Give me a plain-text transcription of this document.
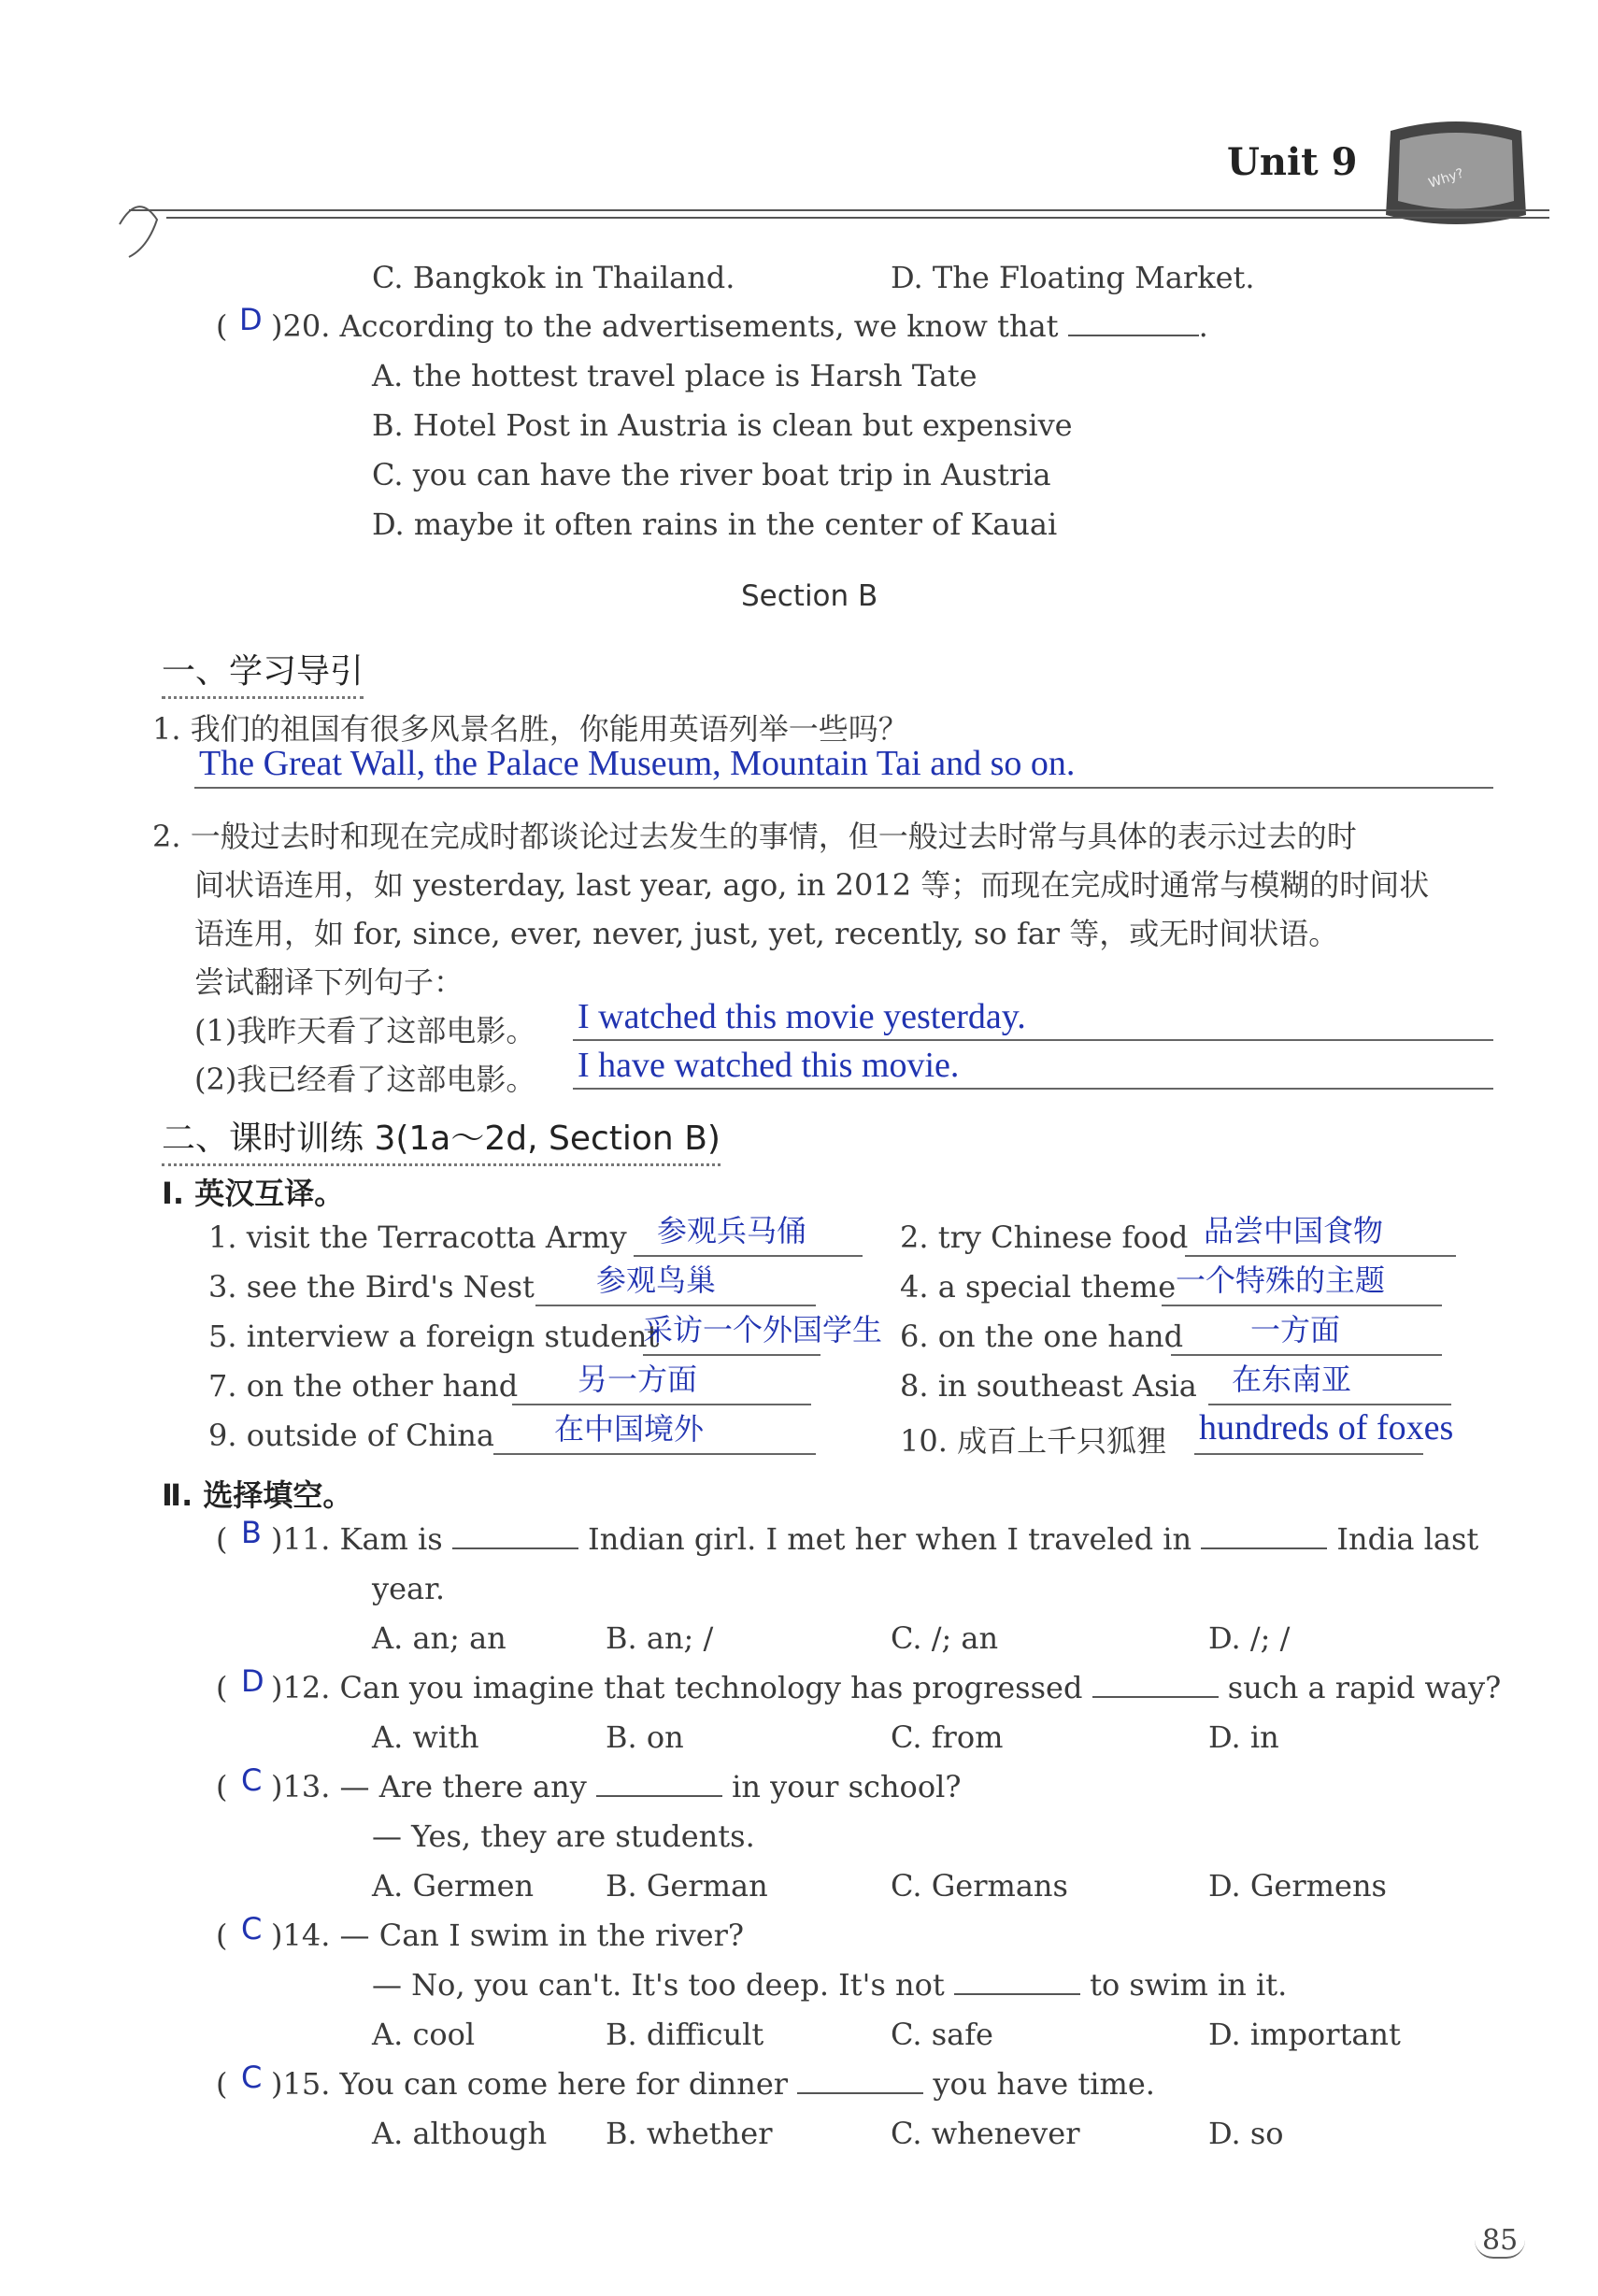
Unit 9	Why?
C. Bangkok in Thailand.	D. The Floating Market.
( D )20. According to the advertisements, we know that	.
A. the hottest travel place is Harsh Tate
B. Hotel Post in Austria is clean but expensive
C. you can have the river boat trip in Austria
D. maybe it often rains in the center of Kauai
Section B
一、学习导引
1. 我们的祖国有很多风景名胜，你能用英语列举一些吗？
The Great Wall, the Palace Museum, Mountain Tai and so on.
2. 一般过去时和现在完成时都谈论过去发生的事情，但一般过去时常与具体的表示过去的时
间状语连用，如 yesterday, last year, ago, in 2012 等；而现在完成时通常与模糊的时间状
语连用，如 for, since, ever, never, just, yet, recently, so far 等，或无时间状语。
尝试翻译下列句子：
(1)我昨天看了这部电影。 I watched this movie yesterday.
(2)我已经看了这部电影。 I have watched this movie.
二、课时训练 3(1a～2d, Section B)
Ⅰ. 英汉互译。
1. visit the Terracotta Army 参观兵马俑
3. see the Bird's Nest 参观鸟巢
5. interview a foreign student
采访一个外国学生
7. on the other hand 另一方面
9. outside of China 在中国境外
2. try Chinese food 品尝中国食物
4. a special theme 一个特殊的主题
6. on the one hand 一方面
8. in southeast Asia 在东南亚
10. 成百上千只狐狸 hundreds of foxes
Ⅱ. 选择填空。
( B )11. Kam is	Indian girl. I met her when I traveled in	India last
year.
A. an; an	B. an; /	C. /; an	D. /; /
( D )12. Can you imagine that technology has progressed	such a rapid way?
A. with	B. on	C. from	D. in
( C )13. — Are there any	in your school?
— Yes, they are students.
A. Germen B. German	C. Germans	D. Germens
( C )14. — Can I swim in the river?
— No, you can't. It's too deep. It's not	to swim in it.
A. cool	B. difficult	C. safe	D. important
( C )15. You can come here for dinner	you have time.
A. although B. whether	C. whenever	D. so
85
